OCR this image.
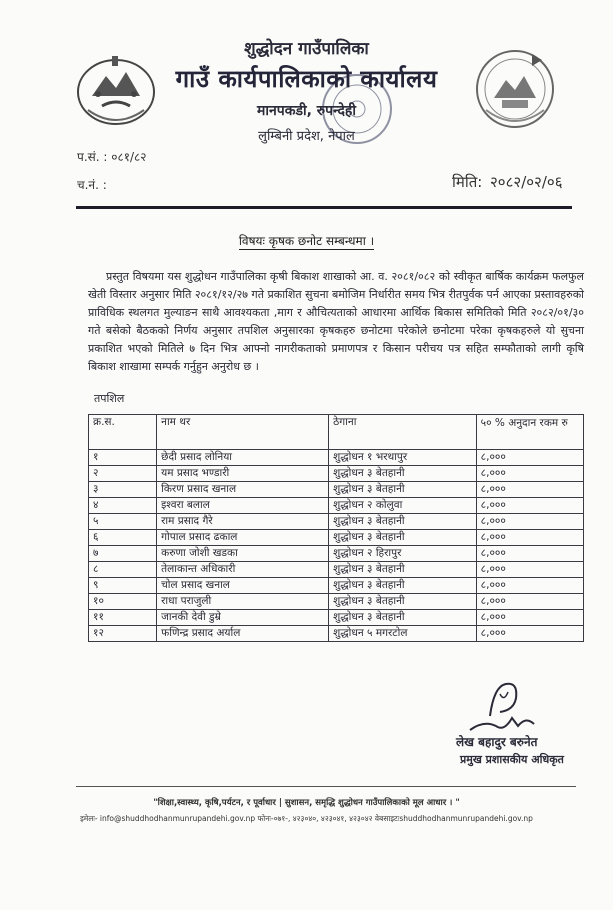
शुद्धोदन गाउँपालिका
गाउँ कार्यपालिकाको कार्यालय
मानपकडी, रुपन्देही
लुम्बिनी प्रदेश, नेपाल
प.सं. : ०८१/८२
च.नं. :	मिति: २०८२/०२/०६
विषयः कृषक छनोट सम्बन्धमा ।
प्रस्तुत विषयमा यस शुद्धोधन गाउँपालिका कृषी बिकाश शाखाको आ. व. २०८१/०८२ को स्वीकृत बार्षिक कार्यक्रम फलफुल खेती विस्तार अनुसार मिति २०८१/१२/२७ गते प्रकाशित सुचना बमोजिम निर्धारीत समय भित्र रीतपुर्वक पर्न आएका प्रस्तावहरुको प्राविधिक स्थलगत मुल्याङन साथै आवश्यकता ,माग र औचित्यताको आधारमा आर्थिक बिकास समितिको मिति २०८२/०१/३० गते बसेको बैठकको निर्णय अनुसार तपशिल अनुसारका कृषकहरु छनोटमा परेकोले छनोटमा परेका कृषकहरुले यो सुचना प्रकाशित भएको मितिले ७ दिन भित्र आफ्नो नागरीकताको प्रमाणपत्र र किसान परीचय पत्र सहित सम्फौताको लागी कृषि बिकाश शाखामा सम्पर्क गर्नुहुन अनुरोध छ ।
तपशिल
क्र.स.	नाम थर	ठेगाना	५० % अनुदान रकम रु
१	छेदी प्रसाद लोनिया	शुद्धोधन १ भरथापुर	८,०००
२	यम प्रसाद भण्डारी	शुद्धोधन ३ बेतहानी	८,०००
३	किरण प्रसाद खनाल	शुद्धोधन ३ बेतहानी	८,०००
४	इश्वरा बलाल	शुद्धोधन २ कोलुवा	८,०००
५	राम प्रसाद गैरे	शुद्धोधन ३ बेतहानी	८,०००
६	गोपाल प्रसाद ढकाल	शुद्धोधन ३ बेतहानी	८,०००
७	करुणा जोशी खडका	शुद्धोधन २ हिरापुर	८,०००
८	तेलाकान्त अधिकारी	शुद्धोधन ३ बेतहानी	८,०००
९	चोल प्रसाद खनाल	शुद्धोधन ३ बेतहानी	८,०००
१०	राधा पराजुली	शुद्धोधन ३ बेतहानी	८,०००
११	जानकी देवी डुम्रे	शुद्धोधन ३ बेतहानी	८,०००
१२	फणिन्द्र प्रसाद अर्याल	शुद्धोधन ५ मगरटोल	८,०००
लेख बहादुर बरुनेत
प्रमुख प्रशासकीय अधिकृत
"शिक्षा,स्वास्थ्य, कृषि,पर्यटन, र पूर्वाधार | सुशासन, समृद्धि शुद्धोधन गाउँपालिकाको मूल आधार । "
इमेलः- info@shuddhodhanmunrupandehi.gov.np फोनः-०७१-, ४२३०४०, ४२३०४१, ४२३०४२ वेबसाइटःshuddhodhanmunrupandehi.gov.np
